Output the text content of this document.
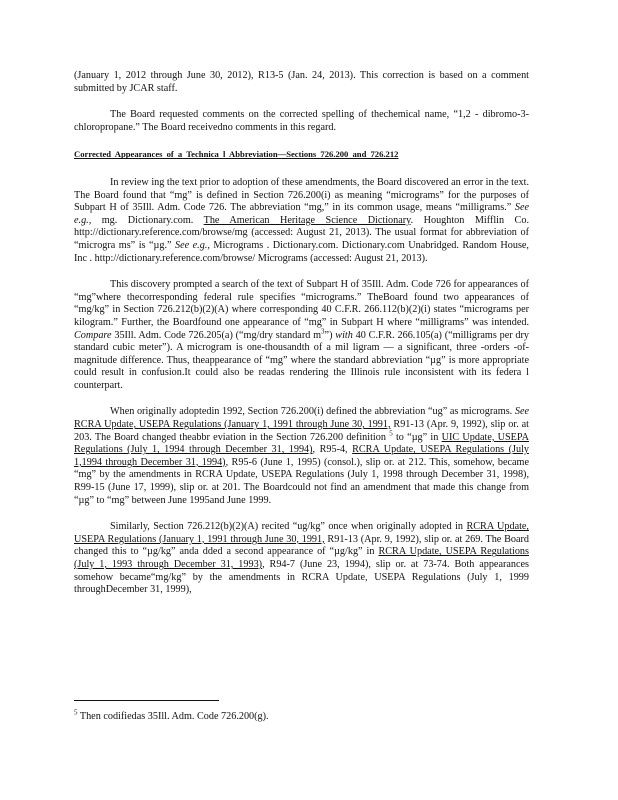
(January 1, 2012 through June 30, 2012), R13-5 (Jan. 24, 2013). This correction is based on a comment submitted by JCAR staff.

The Board requested comments on the corrected spelling of thechemical name, “1,2 - dibromo-3-chloropropane.” The Board receivedno comments in this regard.

Corrected Appearances of a Technica l Abbreviation—Sections 726.200 and 726.212

In review ing the text prior to adoption of these amendments, the Board discovered an error in the text. The Board found that “mg” is defined in Section 726.200(i) as meaning “micrograms” for the purposes of Subpart H of 35Ill. Adm. Code 726. The abbreviation “mg,” in its common usage, means “milligrams.” See e.g., mg. Dictionary.com. The American Heritage Science Dictionary. Houghton Mifflin Co. http://dictionary.reference.com/browse/mg (accessed: August 21, 2013). The usual format for abbreviation of “microgra ms” is “µg.” See e.g., Micrograms . Dictionary.com. Dictionary.com Unabridged. Random House, Inc . http://dictionary.reference.com/browse/ Micrograms (accessed: August 21, 2013).

This discovery prompted a search of the text of Subpart H of 35Ill. Adm. Code 726 for appearances of “mg”where thecorresponding federal rule specifies “micrograms.” TheBoard found two appearances of “mg/kg” in Section 726.212(b)(2)(A) where corresponding 40 C.F.R. 266.112(b)(2)(i) states “micrograms per kilogram.” Further, the Boardfound one appearance of “mg” in Subpart H where “milligrams” was intended. Compare 35Ill. Adm. Code 726.205(a) (“mg/dry standard $m^3$”) with 40 C.F.R. 266.105(a) (“milligrams per dry standard cubic meter”). A microgram is one-thousandth of a mil ligram — a significant, three -orders -of-magnitude difference. Thus, theappearance of “mg” where the standard abbreviation “µg” is more appropriate could result in confusion.It could also be readas rendering the Illinois rule inconsistent with its federa l counterpart.

When originally adoptedin 1992, Section 726.200(i) defined the abbreviation “ug” as micrograms. See RCRA Update, USEPA Regulations (January 1, 1991 through June 30, 1991, R91-13 (Apr. 9, 1992), slip or. at 203. The Board changed theabbr eviation in the Section 726.200 definition $^5$ to “µg” in UIC Update, USEPA Regulations (July 1, 1994 through December 31, 1994), R95-4, RCRA Update, USEPA Regulations (July 1,1994 through December 31, 1994), R95-6 (June 1, 1995) (consol.), slip or. at 212. This, somehow, became “mg” by the amendments in RCRA Update, USEPA Regulations (July 1, 1998 through December 31, 1998), R99-15 (June 17, 1999), slip or. at 201. The Boardcould not find an amendment that made this change from “µg” to “mg” between June 1995and June 1999.

Similarly, Section 726.212(b)(2)(A) recited “ug/kg” once when originally adopted in RCRA Update, USEPA Regulations (January 1, 1991 through June 30, 1991, R91-13 (Apr. 9, 1992), slip or. at 269. The Board changed this to “µg/kg” anda dded a second appearance of “µg/kg” in RCRA Update, USEPA Regulations (July 1, 1993 through December 31, 1993), R94-7 (June 23, 1994), slip or. at 73-74. Both appearances somehow became“mg/kg” by the amendments in RCRA Update, USEPA Regulations (July 1, 1999 throughDecember 31, 1999),

$^5$ Then codifiedas 35Ill. Adm. Code 726.200(g).
